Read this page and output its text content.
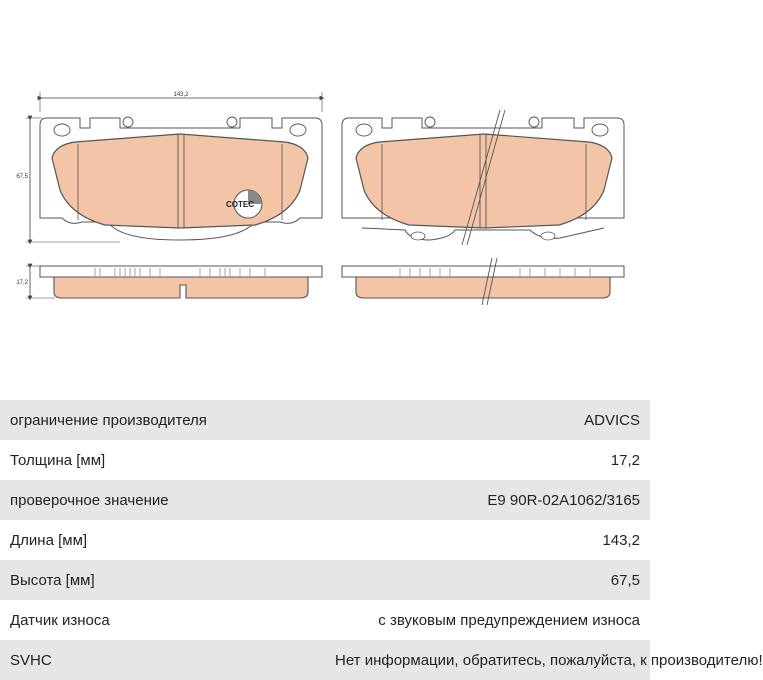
143,2
67,5
17,2
COTEC
ограничение производителя	ADVICS
Толщина [мм]	17,2
проверочное значение	E9 90R-02A1062/3165
Длина [мм]	143,2
Высота [мм]	67,5
Датчик износа	с звуковым предупреждением износа
SVHC	Нет информации, обратитесь, пожалуйста, к производителю!
